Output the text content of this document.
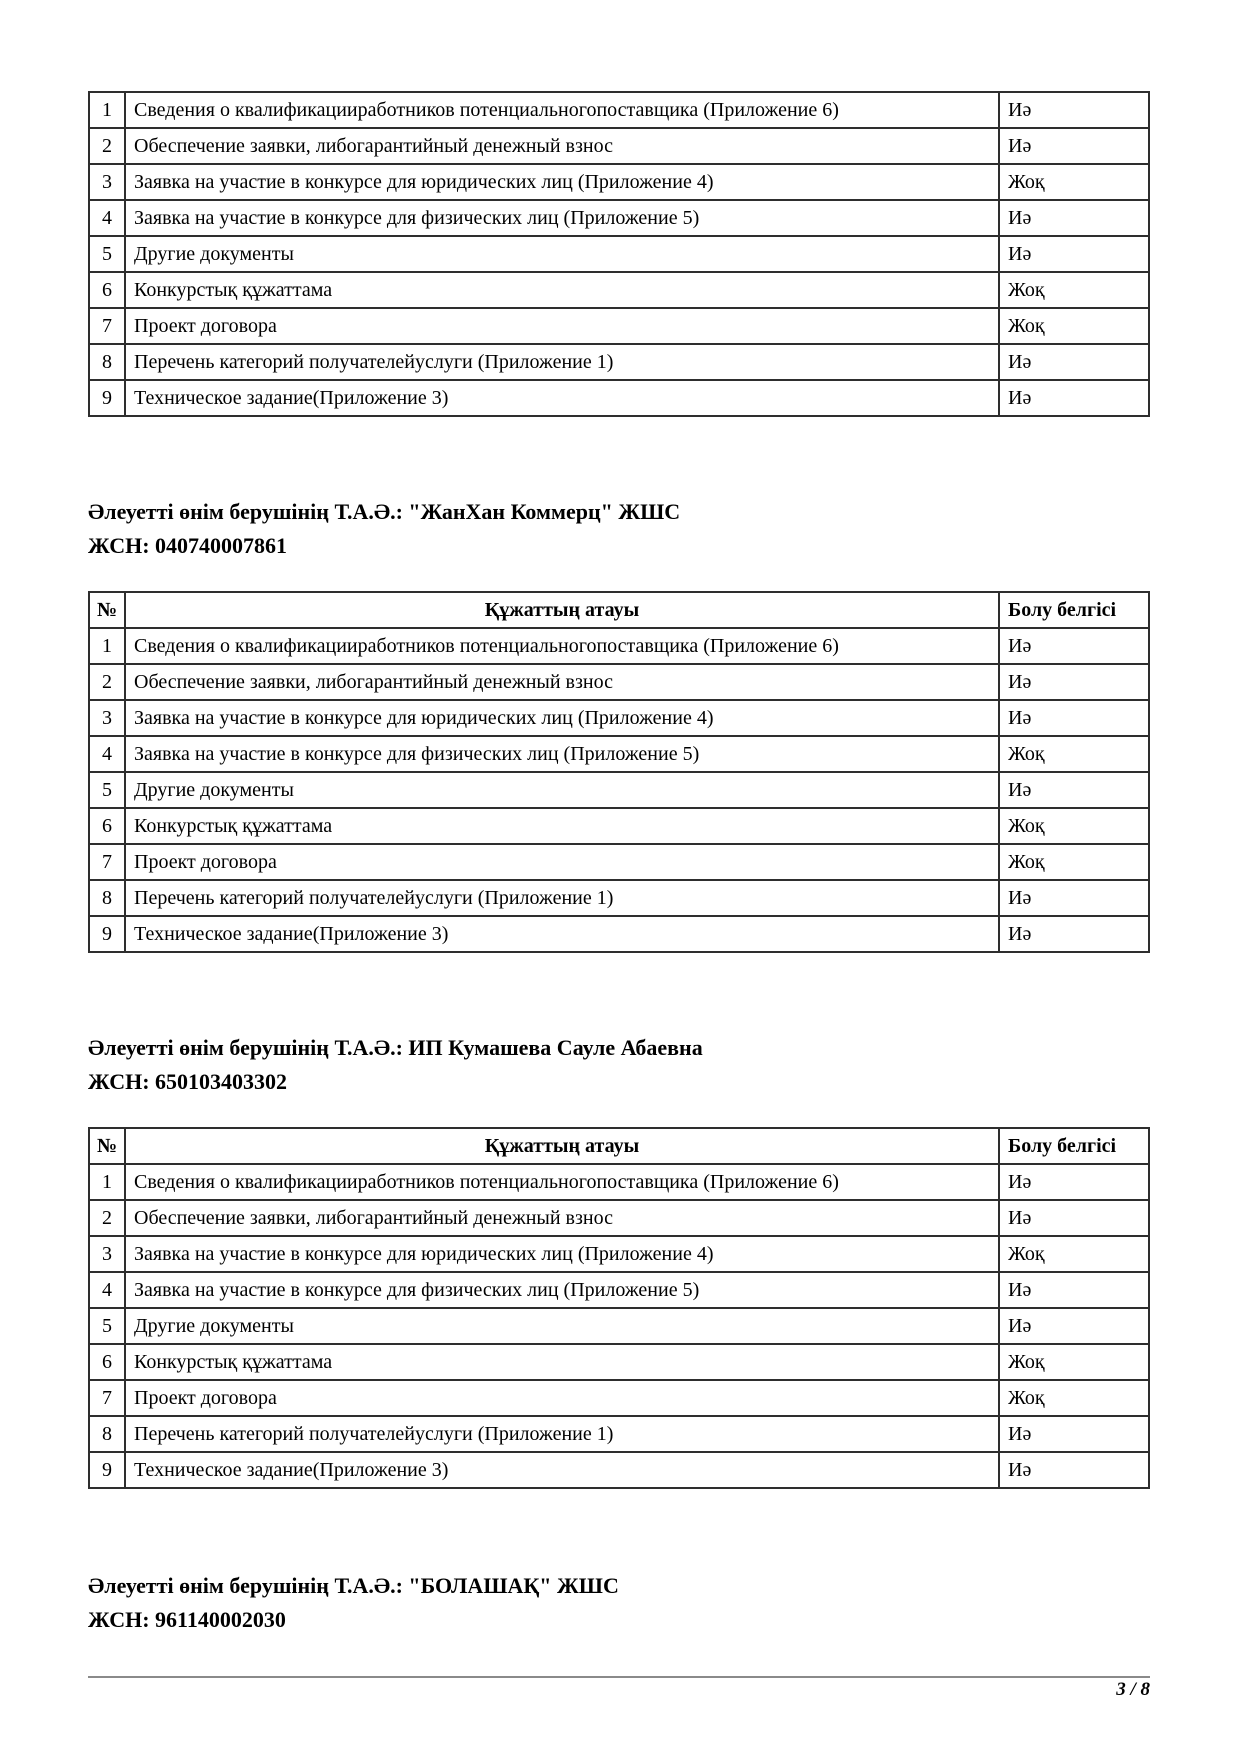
1	Сведения о квалификацииработников потенциальногопоставщика (Приложение 6)	Иә
2	Обеспечение заявки, либогарантийный денежный взнос	Иә
3	Заявка на участие в конкурсе для юридических лиц (Приложение 4)	Жоқ
4	Заявка на участие в конкурсе для физических лиц (Приложение 5)	Иә
5	Другие документы	Иә
6	Конкурстық құжаттама	Жоқ
7	Проект договора	Жоқ
8	Перечень категорий получателейуслуги (Приложение 1)	Иә
9	Техническое задание(Приложение 3)	Иә
Әлеуетті өнім берушінің Т.А.Ә.: "ЖанХан Коммерц" ЖШС
ЖСН: 040740007861
№	Құжаттың атауы	Болу белгісі
1	Сведения о квалификацииработников потенциальногопоставщика (Приложение 6)	Иә
2	Обеспечение заявки, либогарантийный денежный взнос	Иә
3	Заявка на участие в конкурсе для юридических лиц (Приложение 4)	Иә
4	Заявка на участие в конкурсе для физических лиц (Приложение 5)	Жоқ
5	Другие документы	Иә
6	Конкурстық құжаттама	Жоқ
7	Проект договора	Жоқ
8	Перечень категорий получателейуслуги (Приложение 1)	Иә
9	Техническое задание(Приложение 3)	Иә
Әлеуетті өнім берушінің Т.А.Ә.: ИП Кумашева Сауле Абаевна
ЖСН: 650103403302
№	Құжаттың атауы	Болу белгісі
1	Сведения о квалификацииработников потенциальногопоставщика (Приложение 6)	Иә
2	Обеспечение заявки, либогарантийный денежный взнос	Иә
3	Заявка на участие в конкурсе для юридических лиц (Приложение 4)	Жоқ
4	Заявка на участие в конкурсе для физических лиц (Приложение 5)	Иә
5	Другие документы	Иә
6	Конкурстық құжаттама	Жоқ
7	Проект договора	Жоқ
8	Перечень категорий получателейуслуги (Приложение 1)	Иә
9	Техническое задание(Приложение 3)	Иә
Әлеуетті өнім берушінің Т.А.Ә.: "БОЛАШАҚ" ЖШС
ЖСН: 961140002030
3 / 8
